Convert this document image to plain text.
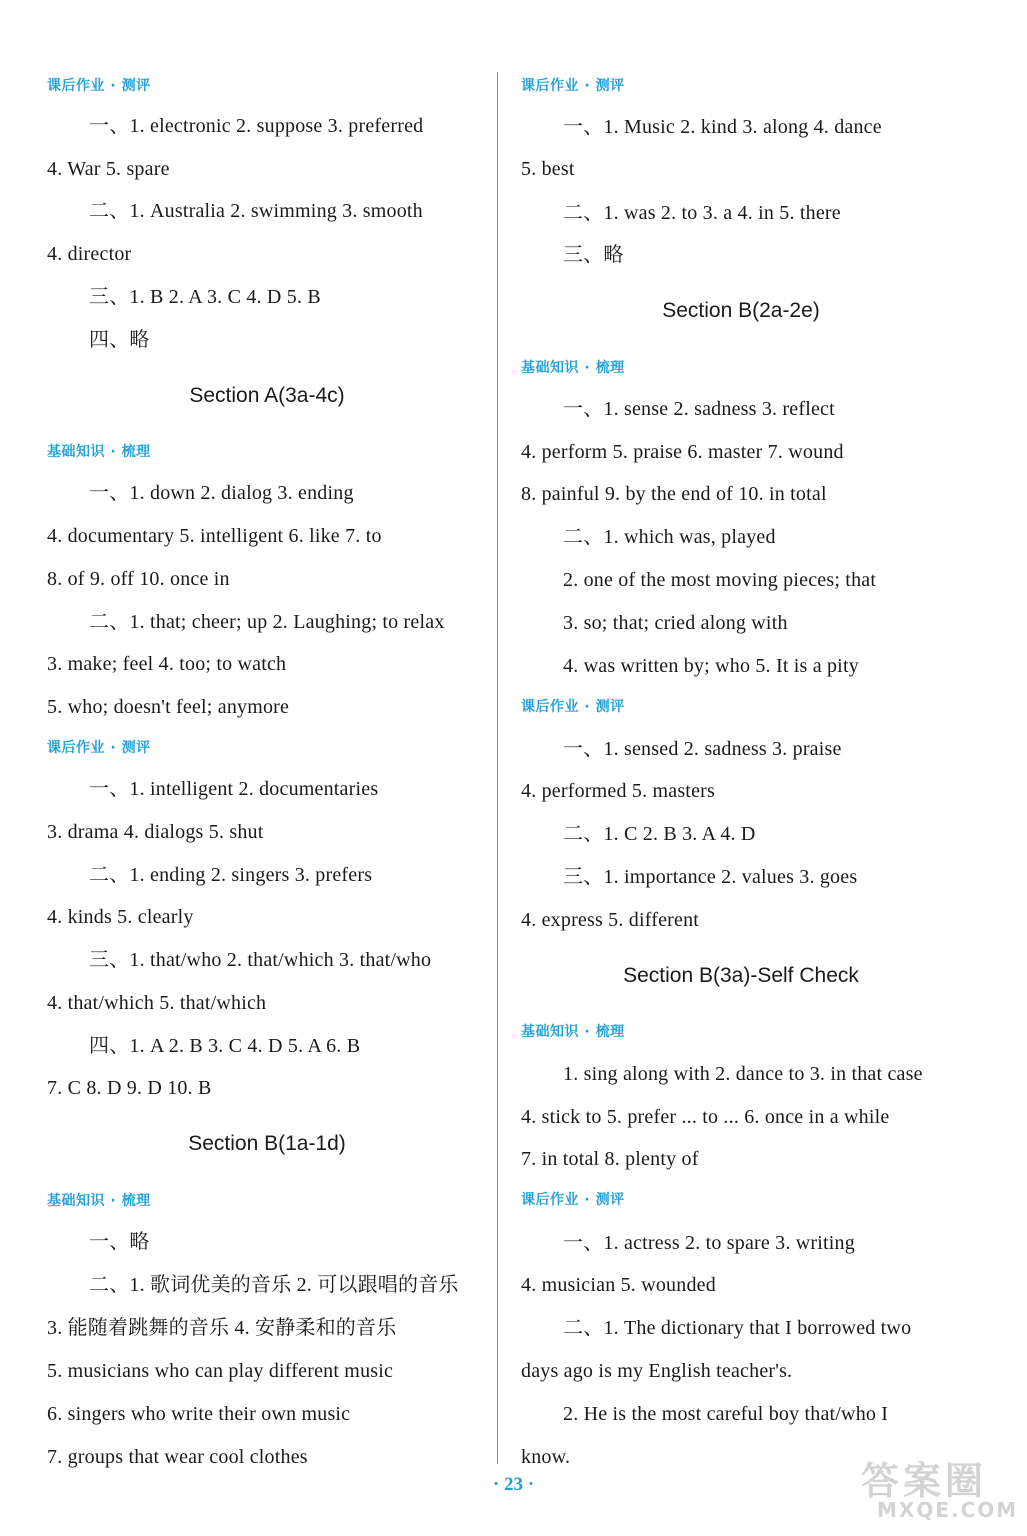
课后作业 · 测评
一、1. electronic 2. suppose 3. preferred
4. War 5. spare
二、1. Australia 2. swimming 3. smooth
4. director
三、1. B 2. A 3. C 4. D 5. B
四、略
Section A(3a-4c)
基础知识 · 梳理
一、1. down 2. dialog 3. ending
4. documentary 5. intelligent 6. like 7. to
8. of 9. off 10. once in
二、1. that; cheer; up 2. Laughing; to relax
3. make; feel 4. too; to watch
5. who; doesn't feel; anymore
课后作业 · 测评
一、1. intelligent 2. documentaries
3. drama 4. dialogs 5. shut
二、1. ending 2. singers 3. prefers
4. kinds 5. clearly
三、1. that/who 2. that/which 3. that/who
4. that/which 5. that/which
四、1. A 2. B 3. C 4. D 5. A 6. B
7. C 8. D 9. D 10. B
Section B(1a-1d)
基础知识 · 梳理
一、略
二、1. 歌词优美的音乐 2. 可以跟唱的音乐
3. 能随着跳舞的音乐 4. 安静柔和的音乐
5. musicians who can play different music
6. singers who write their own music
7. groups that wear cool clothes
课后作业 · 测评
一、1. Music 2. kind 3. along 4. dance
5. best
二、1. was 2. to 3. a 4. in 5. there
三、略
Section B(2a-2e)
基础知识 · 梳理
一、1. sense 2. sadness 3. reflect
4. perform 5. praise 6. master 7. wound
8. painful 9. by the end of 10. in total
二、1. which was, played
2. one of the most moving pieces; that
3. so; that; cried along with
4. was written by; who 5. It is a pity
课后作业 · 测评
一、1. sensed 2. sadness 3. praise
4. performed 5. masters
二、1. C 2. B 3. A 4. D
三、1. importance 2. values 3. goes
4. express 5. different
Section B(3a)-Self Check
基础知识 · 梳理
1. sing along with 2. dance to 3. in that case
4. stick to 5. prefer ... to ... 6. once in a while
7. in total 8. plenty of
课后作业 · 测评
一、1. actress 2. to spare 3. writing
4. musician 5. wounded
二、1. The dictionary that I borrowed two
days ago is my English teacher's.
2. He is the most careful boy that/who I
know.
· 23 ·	答案圈
MXQE.COM
